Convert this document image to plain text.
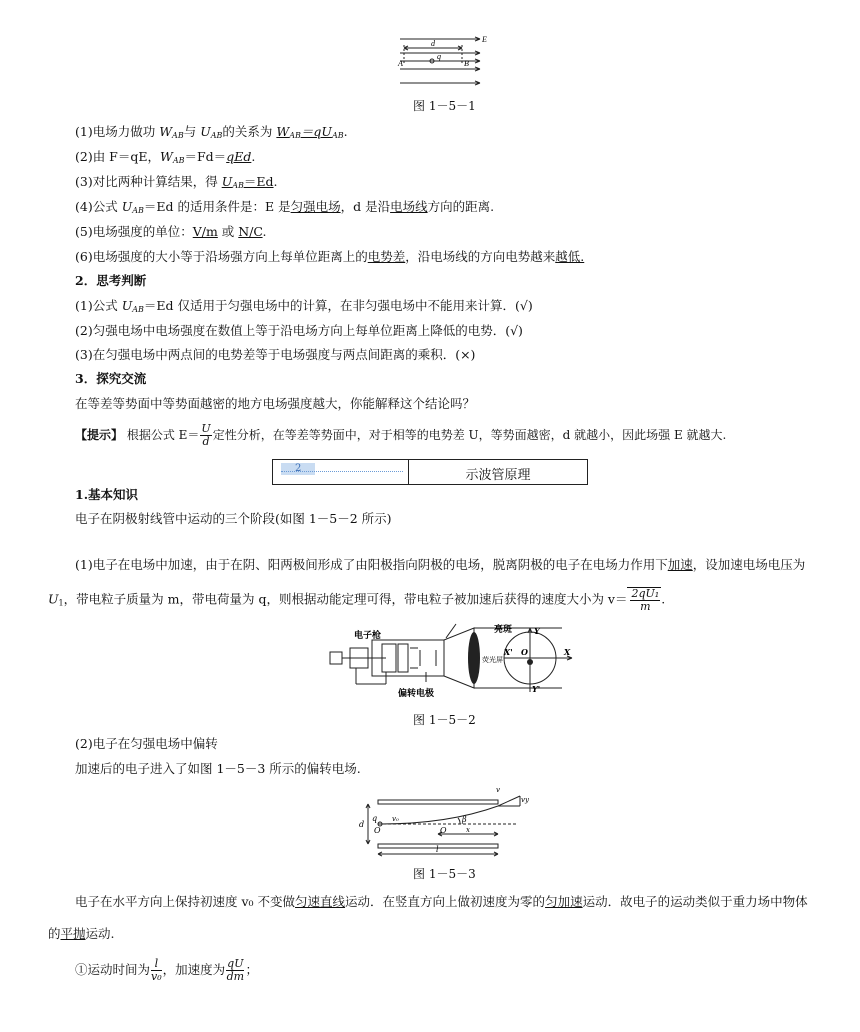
E
d
q
A	B
图 1－5－1
(1)电场力做功 $W_{AB}$与 $U_{AB}$的关系为 $W_{AB}=qU_{AB}$.
(2)由 F＝qE，$W_{AB}=Fd=qEd$.
(3)对比两种计算结果，得 $U_{AB}=Ed$.
(4)公式 $U_{AB}=Ed$ 的适用条件是：E 是匀强电场，d 是沿电场线方向的距离.
(5)电场强度的单位：V/m 或 N/C.
(6)电场强度的大小等于沿场强方向上每单位距离上的电势差，沿电场线的方向电势越来越低.
2．思考判断
(1)公式 $U_{AB}=Ed$ 仅适用于匀强电场中的计算，在非匀强电场中不能用来计算．(√)
(2)匀强电场中电场强度在数值上等于沿电场方向上每单位距离上降低的电势．(√)
(3)在匀强电场中两点间的电势差等于电场强度与两点间距离的乘积．(×)
3．探究交流
在等差等势面中等势面越密的地方电场强度越大，你能解释这个结论吗？
【提示】 根据公式 $E= \frac{U}{d}$ 定性分析，在等差等势面中，对于相等的电势差 U，等势面越密，d 就越小，因此场强 E 就越大.
2	示波管原理
1.基本知识
电子在阴极射线管中运动的三个阶段(如图 1－5－2 所示)
(1)电子在电场中加速，由于在阴、阳两极间形成了由阳极指向阴极的电场，脱离阴极的电子在电场力作用下加速，设加速电场电压为
$U_1$，带电粒子质量为 m，带电荷量为 q，则根据动能定理可得，带电粒子被加速后获得的速度大小为 $v= \frac{\text{2qU₁}}{m}$ .
电子枪
亮斑
偏转电极
荧光屏
Y
Y'
X
X' O
图 1－5－2
(2)电子在匀强电场中偏转
加速后的电子进入了如图 1－5－3 所示的偏转电场.
q
O
v₀
O
β
v
vy
d
x
l
图 1－5－3
电子在水平方向上保持初速度 v₀ 不变做匀速直线运动．在竖直方向上做初速度为零的匀加速运动．故电子的运动类似于重力场中物体
的平抛运动.
①运动时间为 $\frac{l}{\text{v₀}}$ ，加速度为 $\frac{qU}{dm}$ ；
